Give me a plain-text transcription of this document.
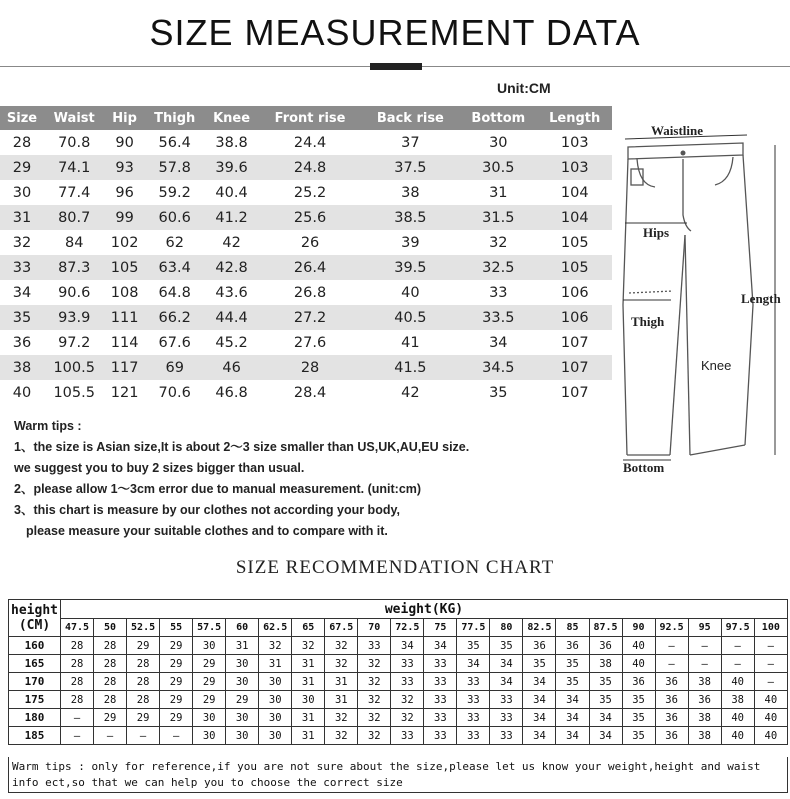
SIZE MEASUREMENT DATA
Unit:CM
Size	Waist	Hip	Thigh	Knee	Front rise	Back rise	Bottom	Length
28	70.8	90	56.4	38.8	24.4	37	30	103
29	74.1	93	57.8	39.6	24.8	37.5	30.5	103
30	77.4	96	59.2	40.4	25.2	38	31	104
31	80.7	99	60.6	41.2	25.6	38.5	31.5	104
32	84	102	62	42	26	39	32	105
33	87.3	105	63.4	42.8	26.4	39.5	32.5	105
34	90.6	108	64.8	43.6	26.8	40	33	106
35	93.9	111	66.2	44.4	27.2	40.5	33.5	106
36	97.2	114	67.6	45.2	27.6	41	34	107
38	100.5	117	69	46	28	41.5	34.5	107
40	105.5	121	70.6	46.8	28.4	42	35	107
Warm tips :
1、the size is Asian size,It is about 2～3 size smaller than US,UK,AU,EU size.
we suggest you to buy 2 sizes bigger than usual.
2、please allow 1～3cm error due to manual measurement. (unit:cm)
3、this chart is measure by our clothes not according your body,
please measure your suitable clothes and to compare with it.
Waistline
Hips
Length
Thigh
Knee
Bottom
SIZE RECOMMENDATION CHART
height
(CM)	weight(KG)																					
	47.5	50	52.5	55	57.5	60	62.5	65	67.5	70	72.5	75	77.5	80	82.5	85	87.5	90	92.5	95	97.5	100
160	28	28	29	29	30	31	32	32	32	33	34	34	35	35	36	36	36	40	—	—	—	—
165	28	28	28	29	29	30	31	31	32	32	33	33	34	34	35	35	38	40	—	—	—	—
170	28	28	28	29	29	30	30	31	31	32	33	33	33	34	34	35	35	36	36	38	40	—
175	28	28	28	29	29	29	30	30	31	32	32	33	33	33	34	34	35	35	36	36	38	40
180	—	29	29	29	30	30	30	31	32	32	32	33	33	33	34	34	34	35	36	38	40	40
185	—	—	—	—	30	30	30	31	32	32	33	33	33	33	34	34	34	35	36	38	40	40
Warm tips : only for reference,if you are not sure about the size,please let us know your weight,height and waist info ect,so that we can help you to choose the correct size
